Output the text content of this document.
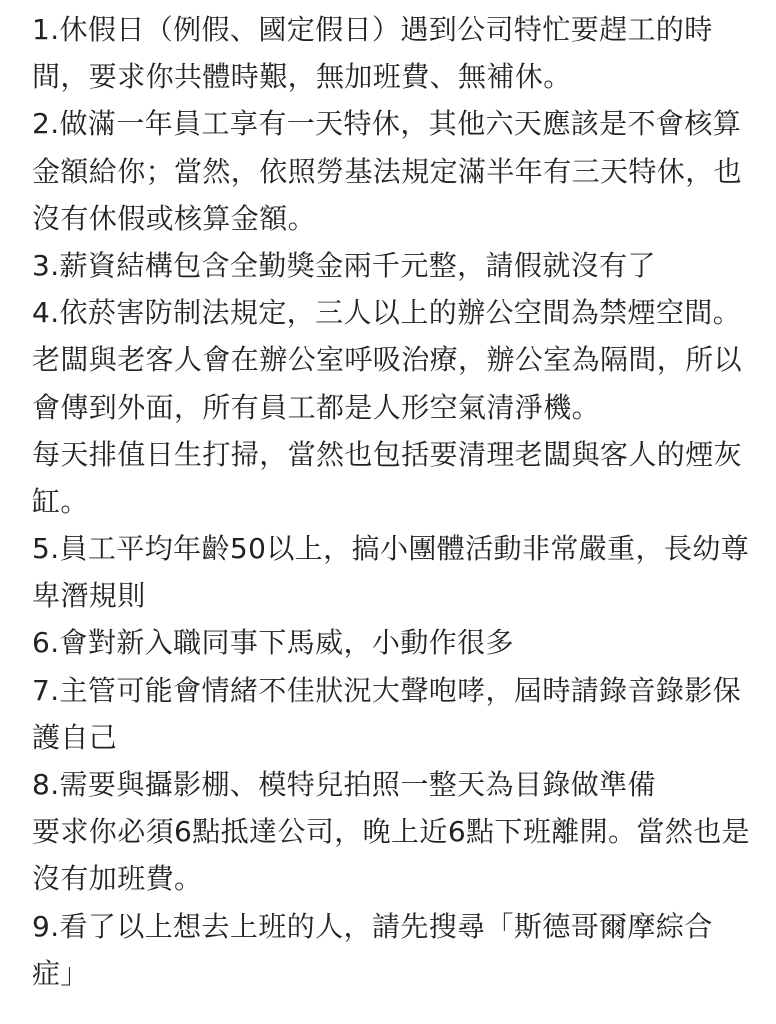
1.休假日（例假、國定假日）遇到公司特忙要趕工的時
間，要求你共體時艱，無加班費、無補休。
2.做滿一年員工享有一天特休，其他六天應該是不會核算
金額給你；當然，依照勞基法規定滿半年有三天特休，也
沒有休假或核算金額。
3.薪資結構包含全勤獎金兩千元整，請假就沒有了
4.依菸害防制法規定，三人以上的辦公空間為禁煙空間。
老闆與老客人會在辦公室呼吸治療，辦公室為隔間，所以
會傳到外面，所有員工都是人形空氣清淨機。
每天排值日生打掃，當然也包括要清理老闆與客人的煙灰
缸。
5.員工平均年齡50以上，搞小團體活動非常嚴重，長幼尊
卑潛規則
6.會對新入職同事下馬威，小動作很多
7.主管可能會情緒不佳狀況大聲咆哮，屆時請錄音錄影保
護自己
8.需要與攝影棚、模特兒拍照一整天為目錄做準備
要求你必須6點抵達公司，晚上近6點下班離開。當然也是
沒有加班費。
9.看了以上想去上班的人，請先搜尋「斯德哥爾摩綜合
症」
